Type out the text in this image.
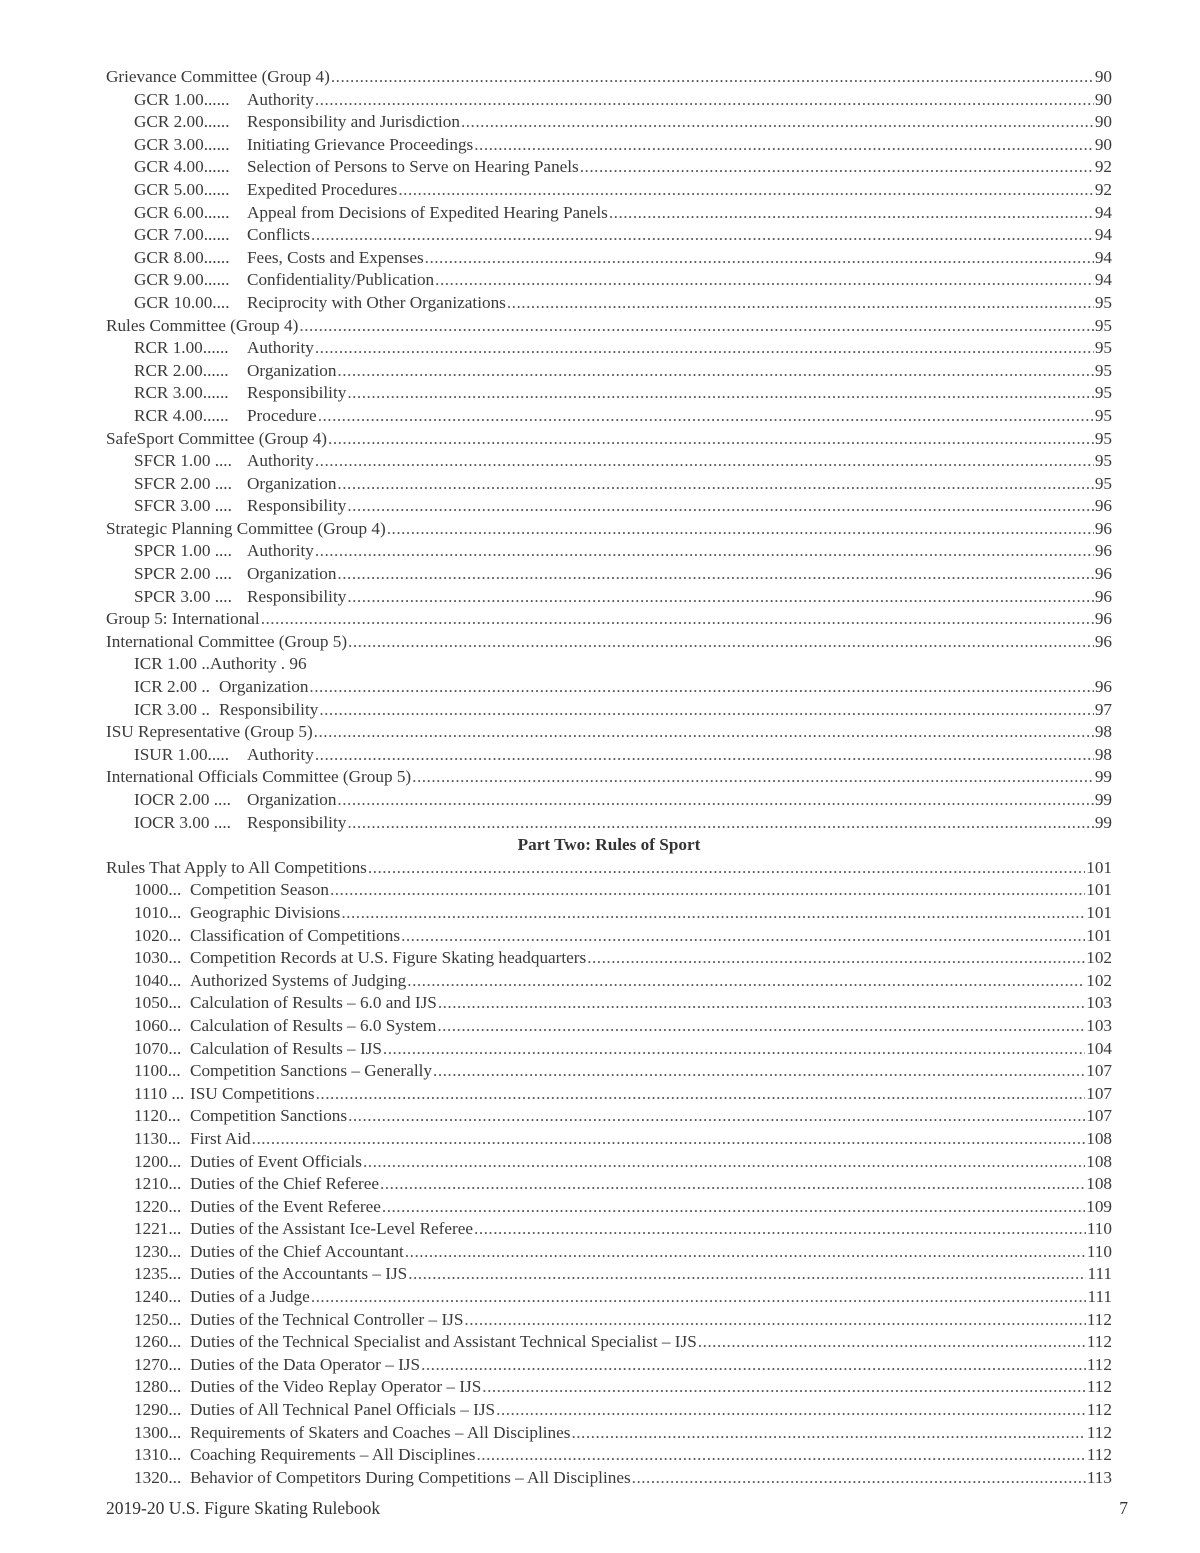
Grievance Committee (Group 4) .....	90
GCR 1.00......	Authority .....	90
GCR 2.00......	Responsibility and Jurisdiction .....	90
GCR 3.00......	Initiating Grievance Proceedings .....	90
GCR 4.00......	Selection of Persons to Serve on Hearing Panels .....	92
GCR 5.00......	Expedited Procedures .....	92
GCR 6.00......	Appeal from Decisions of Expedited Hearing Panels .....	94
GCR 7.00......	Conflicts .....	94
GCR 8.00......	Fees, Costs and Expenses .....	94
GCR 9.00......	Confidentiality/Publication .....	94
GCR 10.00....	Reciprocity with Other Organizations .....	95
Rules Committee (Group 4) .....	95
RCR 1.00......	Authority .....	95
RCR 2.00......	Organization .....	95
RCR 3.00......	Responsibility .....	95
RCR 4.00......	Procedure .....	95
SafeSport Committee (Group 4) .....	95
SFCR 1.00 .... Authority .....	95
SFCR 2.00 .... Organization .....	95
SFCR 3.00 .... Responsibility .....	96
Strategic Planning Committee (Group 4) .....	96
SPCR 1.00 .... Authority .....	96
SPCR 2.00 .... Organization .....	96
SPCR 3.00 .... Responsibility .....	96
Group 5: International .....	96
International Committee (Group 5) .....	96
ICR 1.00 .. Authority . 96
ICR 2.00 .. Organization .....	96
ICR 3.00 .. Responsibility .....	97
ISU Representative (Group 5) .....	98
ISUR 1.00.....	Authority .....	98
International Officials Committee (Group 5) .....	99
IOCR 2.00 .... Organization .....	99
IOCR 3.00 .... Responsibility .....	99
Part Two: Rules of Sport
Rules That Apply to All Competitions .....	101
1000... Competition Season .....	101
1010... Geographic Divisions .....	101
1020... Classification of Competitions .....	101
1030... Competition Records at U.S. Figure Skating headquarters .....	102
1040... Authorized Systems of Judging .....	102
1050... Calculation of Results – 6.0 and IJS .....	103
1060... Calculation of Results – 6.0 System .....	103
1070... Calculation of Results – IJS .....	104
1100... Competition Sanctions – Generally .....	107
1110 ... ISU Competitions .....	107
1120... Competition Sanctions .....	107
1130... First Aid .....	108
1200... Duties of Event Officials .....	108
1210... Duties of the Chief Referee .....	108
1220... Duties of the Event Referee .....	109
1221... Duties of the Assistant Ice-Level Referee .....	110
1230... Duties of the Chief Accountant .....	110
1235... Duties of the Accountants – IJS .....	111
1240... Duties of a Judge .....	111
1250... Duties of the Technical Controller – IJS .....	112
1260... Duties of the Technical Specialist and Assistant Technical Specialist – IJS .....	112
1270... Duties of the Data Operator – IJS .....	112
1280... Duties of the Video Replay Operator – IJS .....	112
1290... Duties of All Technical Panel Officials – IJS .....	112
1300... Requirements of Skaters and Coaches – All Disciplines .....	112
1310... Coaching Requirements – All Disciplines .....	112
1320... Behavior of Competitors During Competitions – All Disciplines .....	113
2019-20 U.S. Figure Skating Rulebook	7
